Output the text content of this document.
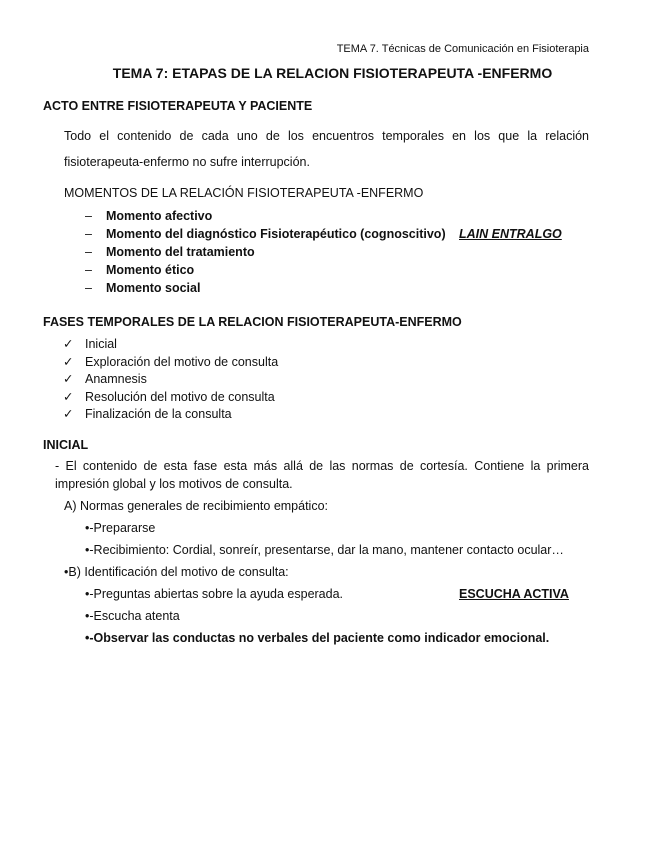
TEMA 7. Técnicas de Comunicación en Fisioterapia
TEMA 7: ETAPAS DE LA RELACION FISIOTERAPEUTA -ENFERMO
ACTO ENTRE FISIOTERAPEUTA Y PACIENTE
Todo el contenido de cada uno de los encuentros temporales en los que la relación
fisioterapeuta-enfermo no sufre interrupción.
MOMENTOS DE LA RELACIÓN FISIOTERAPEUTA -ENFERMO
– Momento afectivo
– Momento del diagnóstico Fisioterapéutico (cognoscitivo) LAIN ENTRALGO
– Momento del tratamiento
– Momento ético
– Momento social
FASES TEMPORALES DE LA RELACION FISIOTERAPEUTA-ENFERMO
✓ Inicial
✓ Exploración del motivo de consulta
✓ Anamnesis
✓ Resolución del motivo de consulta
✓ Finalización de la consulta
INICIAL
- El contenido de esta fase esta más allá de las normas de cortesía. Contiene la primera
impresión global y los motivos de consulta.
A) Normas generales de recibimiento empático:
•-Prepararse
•-Recibimiento: Cordial, sonreír, presentarse, dar la mano, mantener contacto ocular…
•B) Identificación del motivo de consulta:
•-Preguntas abiertas sobre la ayuda esperada.	ESCUCHA ACTIVA
•-Escucha atenta
•-Observar las conductas no verbales del paciente como indicador emocional.
